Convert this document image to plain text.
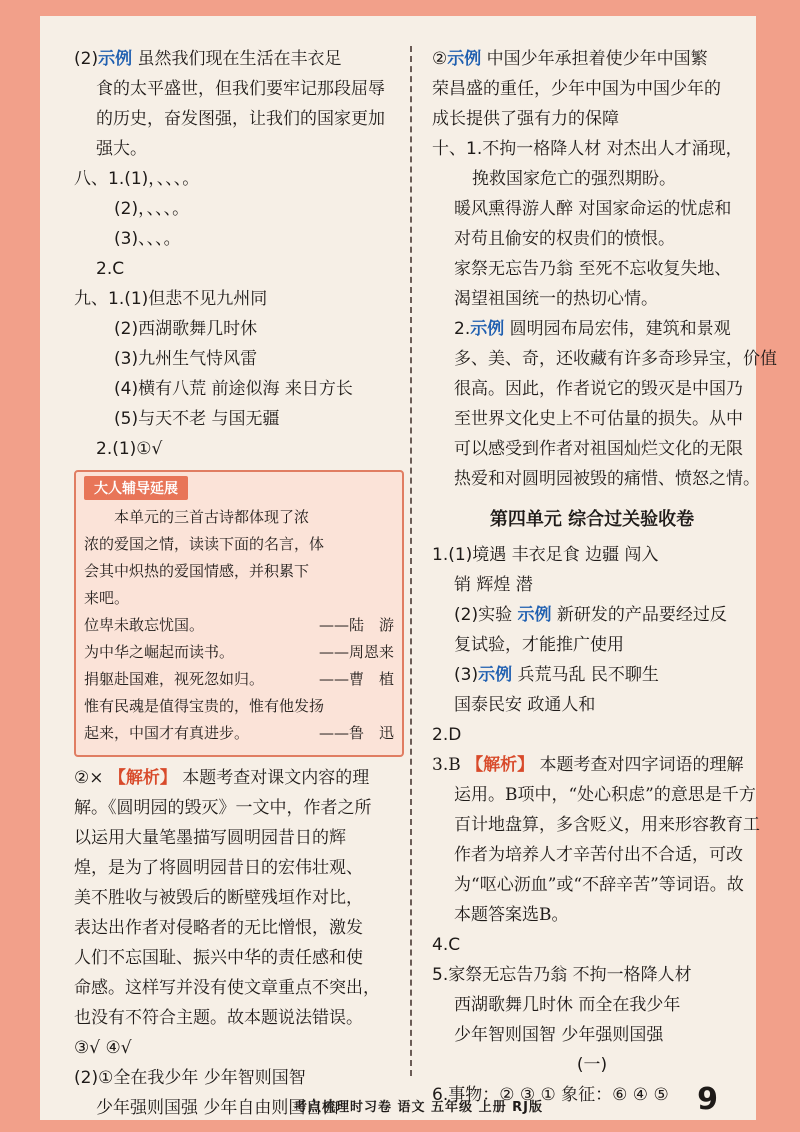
(2)示例 虽然我们现在生活在丰衣足
食的太平盛世，但我们要牢记那段屈辱
的历史，奋发图强，让我们的国家更加
强大。
八、1.(1)，、、、。
(2)，、、、。
(3)、、、。
2.C
九、1.(1)但悲不见九州同
(2)西湖歌舞几时休
(3)九州生气恃风雷
(4)横有八荒 前途似海 来日方长
(5)与天不老 与国无疆
2.(1)①√
大人辅导延展
本单元的三首古诗都体现了浓
浓的爱国之情，读读下面的名言，体
会其中炽热的爱国情感，并积累下
来吧。
位卑未敢忘忧国。	——陆　游
为中华之崛起而读书。	——周恩来
捐躯赴国难，视死忽如归。	——曹　植
惟有民魂是值得宝贵的，惟有他发扬
起来，中国才有真进步。	——鲁　迅
②× 【解析】 本题考查对课文内容的理
解。《圆明园的毁灭》一文中，作者之所
以运用大量笔墨描写圆明园昔日的辉
煌，是为了将圆明园昔日的宏伟壮观、
美不胜收与被毁后的断壁残垣作对比，
表达出作者对侵略者的无比憎恨，激发
人们不忘国耻、振兴中华的责任感和使
命感。这样写并没有使文章重点不突出，
也没有不符合主题。故本题说法错误。
③√ ④√
(2)①全在我少年 少年智则国智
少年强则国强 少年自由则国自由
②示例 中国少年承担着使少年中国繁
荣昌盛的重任，少年中国为中国少年的
成长提供了强有力的保障
十、1.不拘一格降人材 对杰出人才涌现，
挽救国家危亡的强烈期盼。
暖风熏得游人醉 对国家命运的忧虑和
对苟且偷安的权贵们的愤恨。
家祭无忘告乃翁 至死不忘收复失地、
渴望祖国统一的热切心情。
2.示例 圆明园布局宏伟，建筑和景观
多、美、奇，还收藏有许多奇珍异宝，价值
很高。因此，作者说它的毁灭是中国乃
至世界文化史上不可估量的损失。从中
可以感受到作者对祖国灿烂文化的无限
热爱和对圆明园被毁的痛惜、愤怒之情。
第四单元 综合过关验收卷
1.(1)境遇 丰衣足食 边疆 闯入
销 辉煌 潜
(2)实验 示例 新研发的产品要经过反
复试验，才能推广使用
(3)示例 兵荒马乱 民不聊生
国泰民安 政通人和
2.D
3.B 【解析】 本题考查对四字词语的理解
运用。B项中，“处心积虑”的意思是千方
百计地盘算，多含贬义，用来形容教育工
作者为培养人才辛苦付出不合适，可改
为“呕心沥血”或“不辞辛苦”等词语。故
本题答案选B。
4.C
5.家祭无忘告乃翁 不拘一格降人材
西湖歌舞几时休 而全在我少年
少年智则国智 少年强则国强
(一)
6.事物：② ③ ① 象征：⑥ ④ ⑤
考点梳理时习卷 语文 五年级 上册 RJ版	9
